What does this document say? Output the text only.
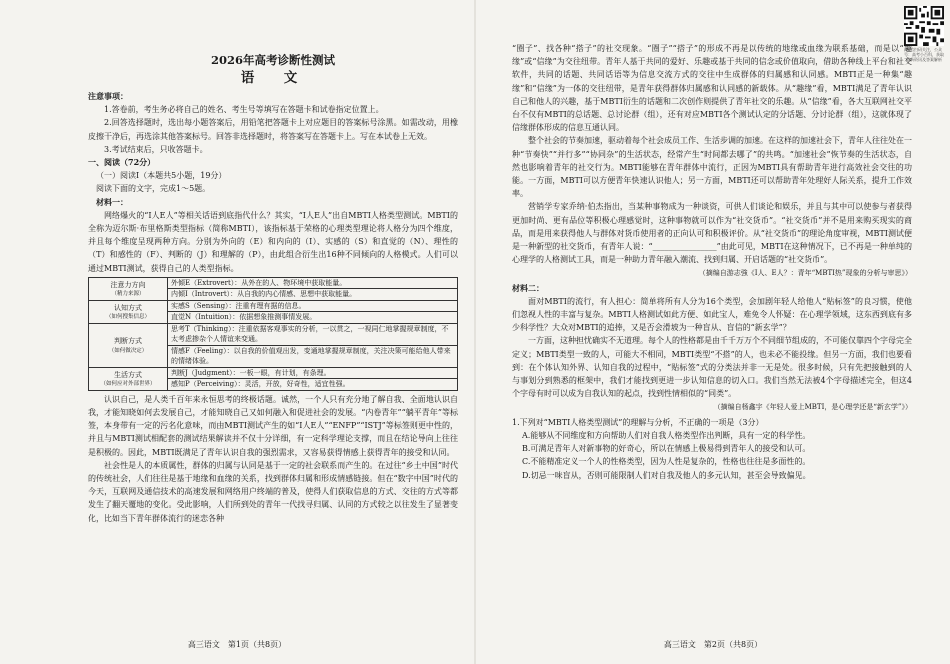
2026年高考诊断性测试

语　文

注意事项：

1.答卷前，考生务必将自己的姓名、考生号等填写在答题卡和试卷指定位置上。

2.回答选择题时，选出每小题答案后，用铅笔把答题卡上对应题目的答案标号涂黑。如需改动，用橡皮擦干净后，再选涂其他答案标号。回答非选择题时，将答案写在答题卡上。写在本试卷上无效。

3.考试结束后，只收答题卡。

一、阅读（72分）

（一）阅读Ⅰ（本题共5小题，19分）

阅读下面的文字，完成1～5题。

材料一：

网络爆火的“I人E人”等相关话语到底指代什么？其实，“I人E人”出自MBTI人格类型测试。MBTI的全称为迈尔斯·布里格斯类型指标（简称MBTI），该指标基于荣格的心理类型理论将人格分为四个维度，并且每个维度呈现两种方向。分别为外向的（E）和内向的（I）、实感的（S）和直觉的（N）、理性的（T）和感性的（F）、判断的（J）和理解的（P），由此组合衍生出16种不同倾向的人格模式。人们可以通过MBTI测试，获得自己的人类型指标。

注意力方向
（精力来源）	外倾E（Extrovert）：从外在的人、物环境中获取能量。
	内倾I（Introvert）：从自我的内心情感、思想中获取能量。
认知方式
（如何搜集信息）	实感S（Sensing）：注重有理有据的信息。
	直觉N（Intuition）：依据想象推测事情发展。
判断方式
（如何做决定）	思考T（Thinking）：注重依据客观事实的分析，一以贯之，一视同仁地掌握规章制度，不太考虑掺杂个人情谊来变通。
	情感F（Feeling）：以自我的价值观出发，变通地掌握规章制度，关注决策可能给他人带来的情绪体验。
生活方式
（如何应对外部世界）	判断J（Judgment）：一板一眼，有计划，有条理。
	感知P（Perceiving）：灵活，开放，好奇性，适宜性强。

认识自己，是人类千百年来永恒思考的终极话题。诚然，一个人只有充分地了解自我、全面地认识自我，才能知晓如何去发展自己，才能知晓自己又如何融入和促进社会的发展。“内卷青年”“躺平青年”等标签，本身带有一定的污名化意味，而由MBTI测试产生的如“I人E人”“ENFP”“ISTJ”等标签则更中性的，并且与MBTI测试相配套的测试结果解读并不仅十分详细，有一定科学理论支撑，而且在结论导向上往往是积极的。因此，MBTI既满足了青年认识自我的强烈需求，又容易获得情感上获得青年的接受和认同。

社会性是人的本质属性，群体的归属与认同是基于一定的社会联系而产生的。在过往“乡土中国”时代的传统社会，人们往往是基于地缘和血缘的关系，找到群体归属和形成情感链接。但在“数字中国”时代的今天，互联网及通信技术的高速发展和网络用户终端的普及，使得人们获取信息的方式、交往的方式等都发生了翻天覆地的变化。受此影响，人们所到处的青年一代找寻归属、认同的方式较之以往发生了显著变化，比如当下青年群体流行的迷恋各种

高三语文　第1页（共8页）
微信扫码关注，公众号：高考小百科，获取最新资讯及答案解析

“圈子”、找各种“搭子”的社交现象。“圈子”“搭子”的形成不再是以传统的地缘或血缘为联系基础，而是以“趣缘”或“信缘”为交往纽带。青年人基于共同的爱好、乐趣或基于共同的信念或价值取向，借助各种线上平台和社交软件，共同的话题、共同话语等为信息交流方式的交往中生成群体的归属感和认同感。MBTI正是一种集“趣缘”和“信缘”为一体的交往纽带，是青年获得群体归属感和认同感的新载体。从“趣缘”看，MBTI满足了青年认识自己和他人的兴趣，基于MBTI衍生的话题和二次创作则提供了青年社交的乐趣。从“信缘”看，各大互联网社交平台不仅有MBTI的总话题、总讨论群（组），还有对应MBTI各个测试认定的分话题、分讨论群（组），这就体现了信缘群体形成的信息互通认同。

整个社会的节奏加速，驱动着每个社会成员工作、生活步调的加速。在这样的加速社会下，青年人往往处在一种“节奏快”“并行多”“协同杂”的生活状态，经常产生“时间都去哪了”的共鸣。“加速社会”恢节奏的生活状态，自然也影响着青年的社交行为。MBTI能够在青年群体中流行，正因为MBTI具有帮助青年进行高效社会交往的功能。一方面，MBTI可以方便青年快速认识他人；另一方面，MBTI还可以帮助青年处理好人际关系，提升工作效率。

营销学专家乔纳·伯杰指出，当某种事物成为一种谈资，可供人们谈论和娱乐，并且与其中可以使参与者获得更加时尚、更有品位等积极心理感觉时，这种事物就可以作为“社交货币”。“社交货币”并不是用来购买现实的商品，而是用来获得他人与群体对货币使用者的正向认可和积极评价。从“社交货币”的理论角度审视，MBTI测试便是一种新型的社交货币，有青年人说：“________________”由此可见，MBTI在这种情况下，已不再是一种单纯的心理学的人格测试工具，而是一种助力青年融入潮流、找到归属、开启话题的“社交货币”。

（摘编自游志強《I人、E人？：青年“MBTI热”现象的分析与审思》）

材料二：

面对MBTI的流行，有人担心：简单将所有人分为16个类型，会加剧年轻人给他人“贴标签”的良习惯，使他们忽视人性的丰富与复杂。MBTI人格测试如此方便、如此宝人，难免令人怀疑：在心理学领域，这东西到底有多少科学性？大众对MBTI的追捧，又是否会滑坡为一种盲从、盲信的“新玄学”？

一方面，这种担忧确实不无道理。每个人的性格都是由千千万万个不同细节组成的，不可能仅靠四个字母完全定义；MBTI类型一致的人，可能大不相同，MBTI类型“不搭”的人，也未必不能投缘。但另一方面，我们也要看到：在个体认知外界、认知自我的过程中，“贴标签”式的分类法并非一无是处。很多时候，只有先把接触到的人与事划分到熟悉的框架中，我们才能找到更进一步认知信息的切入口。我们当然无法被4个字母描述完全，但这4个字母有时可以成为自我认知的起点，找到性情相似的“同类”。

（摘编自杨鑫宇《年轻人爱上MBTI，是心理学还是“新玄学”》）

1.下列对“MBTI人格类型测试”的理解与分析，不正确的一项是（3分）

A.能够从不同维度和方向帮助人们对自我人格类型作出判断，具有一定的科学性。

B.可满足青年人对新事物的好奇心，所以在情感上极易得到青年人的接受和认可。

C.不能精准定义一个人的性格类型，因为人性是复杂的，性格也往往是多面性的。

D.切忌一味盲从，否则可能限制人们对自我及他人的多元认知，甚至会导致偏见。

高三语文　第2页（共8页）
